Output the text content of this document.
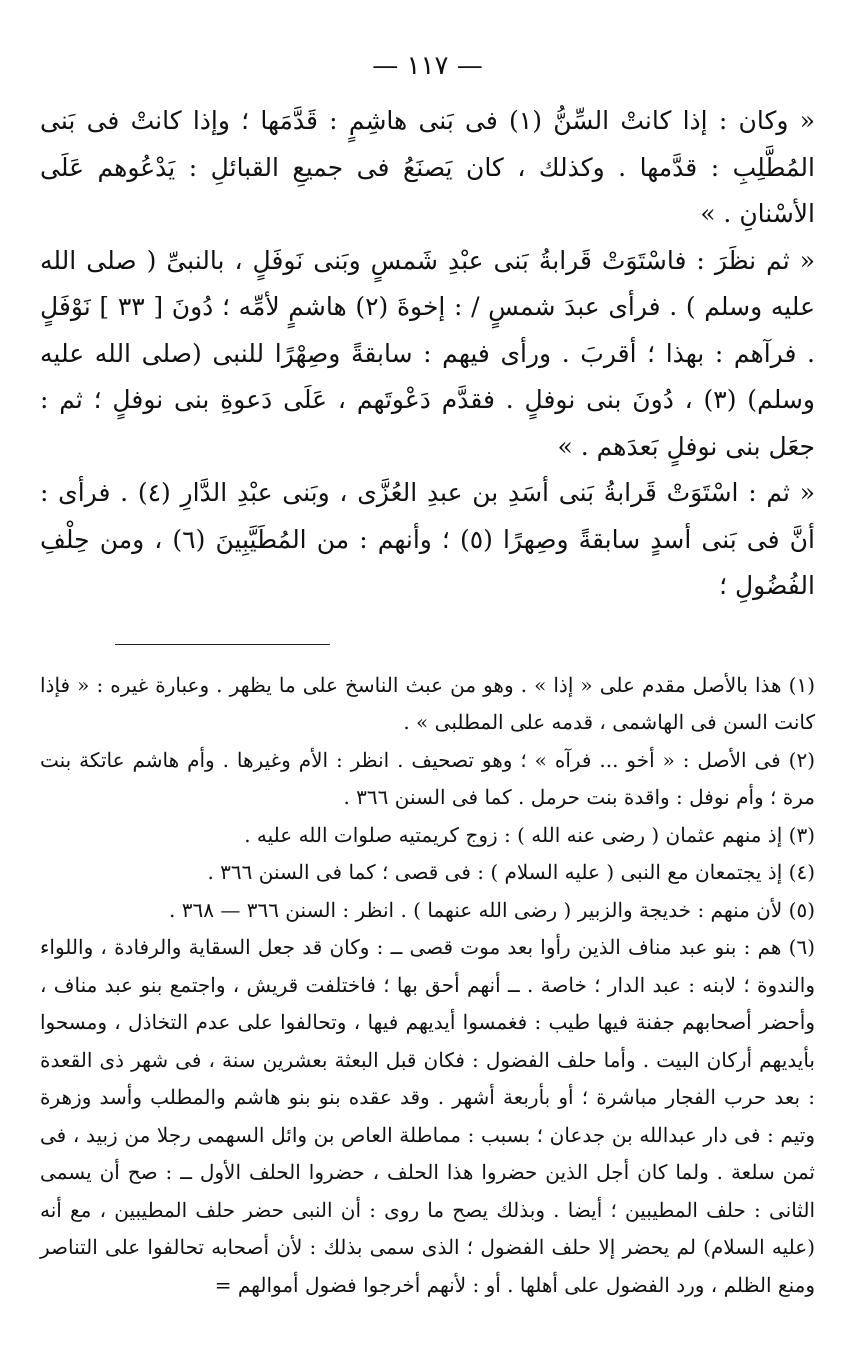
— ١١٧ —

« وكان : إذا كانتْ السِّنُّ (١) فى بَنى هاشِمٍ : قَدَّمَها ؛ وإذا كانتْ فى بَنى المُطَّلِبِ : قدَّمها . وكذلك ، كان يَصنَعُ فى جميعِ القبائلِ : يَدْعُوهم عَلَى الأسْنانِ . »

« ثم نظَرَ : فاسْتَوَتْ قَرابةُ بَنى عبْدِ شَمسٍ وبَنى نَوفَلٍ ، بالنبىِّ ( صلى الله عليه وسلم ) . فرأى عبدَ شمسٍ / : إخوةَ (٢) هاشمٍ لأمِّه ؛ دُونَ [ ٣٣ ] نَوْفَلٍ . فرآهم : بهذا ؛ أقربَ . ورأى فيهم : سابقةً وصِهْرًا للنبى (صلى الله عليه وسلم) (٣) ، دُونَ بنى نوفلٍ . فقدَّم دَعْوتَهم ، عَلَى دَعوةِ بنى نوفلٍ ؛ ثم : جعَل بنى نوفلٍ بَعدَهم . »

« ثم : اسْتَوَتْ قَرابةُ بَنى أسَدِ بن عبدِ العُزَّى ، وبَنى عبْدِ الدَّارِ (٤) . فرأى : أنَّ فى بَنى أسدٍ سابقةً وصِهرًا (٥) ؛ وأنهم : من المُطَيَّبِينَ (٦) ، ومن حِلْفِ الفُضُولِ ؛

(١) هذا بالأصل مقدم على « إذا » . وهو من عبث الناسخ على ما يظهر . وعبارة غيره : « فإذا كانت السن فى الهاشمى ، قدمه على المطلبى » .

(٢) فى الأصل : « أخو ... فرآه » ؛ وهو تصحيف . انظر : الأم وغيرها . وأم هاشم عاتكة بنت مرة ؛ وأم نوفل : واقدة بنت حرمل . كما فى السنن ٣٦٦ .

(٣) إذ منهم عثمان ( رضى عنه الله ) : زوج كريمتيه صلوات الله عليه .

(٤) إذ يجتمعان مع النبى ( عليه السلام ) : فى قصى ؛ كما فى السنن ٣٦٦ .

(٥) لأن منهم : خديجة والزبير ( رضى الله عنهما ) . انظر : السنن ٣٦٦ — ٣٦٨ .

(٦) هم : بنو عبد مناف الذين رأوا بعد موت قصى ــ : وكان قد جعل السقاية والرفادة ، واللواء والندوة ؛ لابنه : عبد الدار ؛ خاصة . ــ أنهم أحق بها ؛ فاختلفت قريش ، واجتمع بنو عبد مناف ، وأحضر أصحابهم جفنة فيها طيب : فغمسوا أيديهم فيها ، وتحالفوا على عدم التخاذل ، ومسحوا بأيديهم أركان البيت . وأما حلف الفضول : فكان قبل البعثة بعشرين سنة ، فى شهر ذى القعدة : بعد حرب الفجار مباشرة ؛ أو بأربعة أشهر . وقد عقده بنو بنو هاشم والمطلب وأسد وزهرة وتيم : فى دار عبدالله بن جدعان ؛ بسبب : مماطلة العاص بن وائل السهمى رجلا من زبيد ، فى ثمن سلعة . ولما كان أجل الذين حضروا هذا الحلف ، حضروا الحلف الأول ــ : صح أن يسمى الثانى : حلف المطيبين ؛ أيضا . وبذلك يصح ما روى : أن النبى حضر حلف المطيبين ، مع أنه (عليه السلام) لم يحضر إلا حلف الفضول ؛ الذى سمى بذلك : لأن أصحابه تحالفوا على التناصر ومنع الظلم ، ورد الفضول على أهلها . أو : لأنهم أخرجوا فضول أموالهم =
